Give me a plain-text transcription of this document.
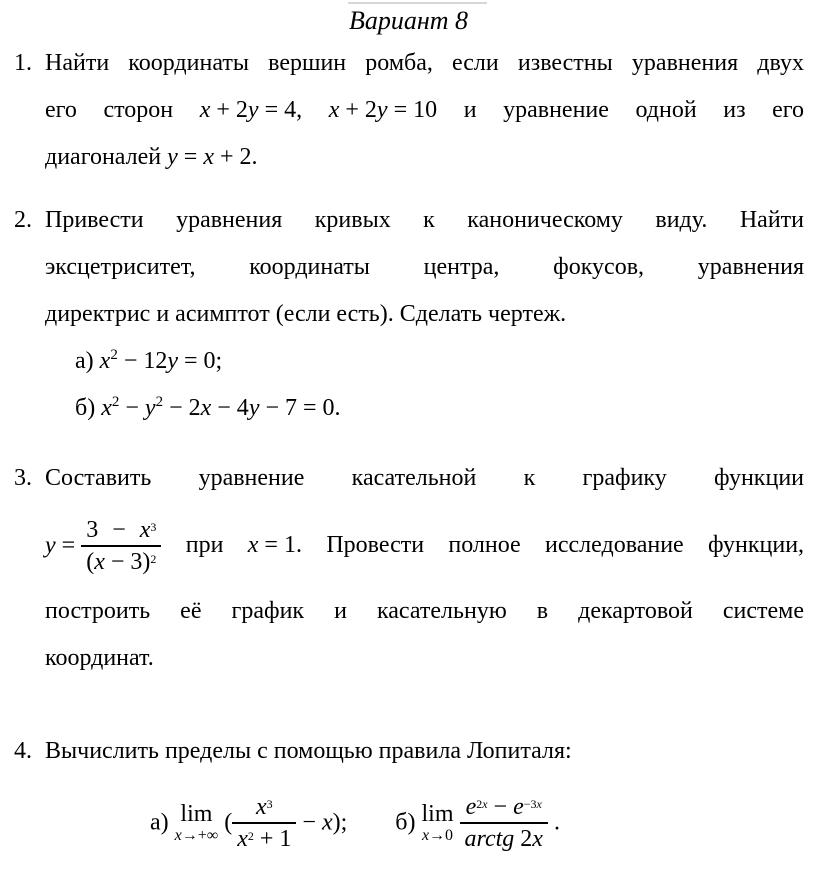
Вариант 8
1. Найти координаты вершин ромба, если известны уравнения двух
его сторон x + 2y = 4, x + 2y = 10 и уравнение одной из его
диагоналей y = x + 2.
2. Привести уравнения кривых к каноническому виду. Найти
эксцетриситет, координаты центра, фокусов, уравнения
директрис и асимптот (если есть). Сделать чертеж.
а) $x^2 - 12y = 0$;
б) $x^2 - y^2 - 2x - 4y - 7 = 0$.
3. Составить уравнение касательной к графику функции
$y = \frac{3 - x^3}{(x - 3)^2}$ при x = 1. Провести полное исследование функции,
построить её график и касательную в декартовой системе
координат.
4. Вычислить пределы с помощью правила Лопиталя:
а) lim
x→+∞
( $\frac{x^3}{x^2 + 1} - x$); б) lim
x→0
$\frac{e^{2x} - e^{-3x}}{\text{arctg 2x}}$ .
